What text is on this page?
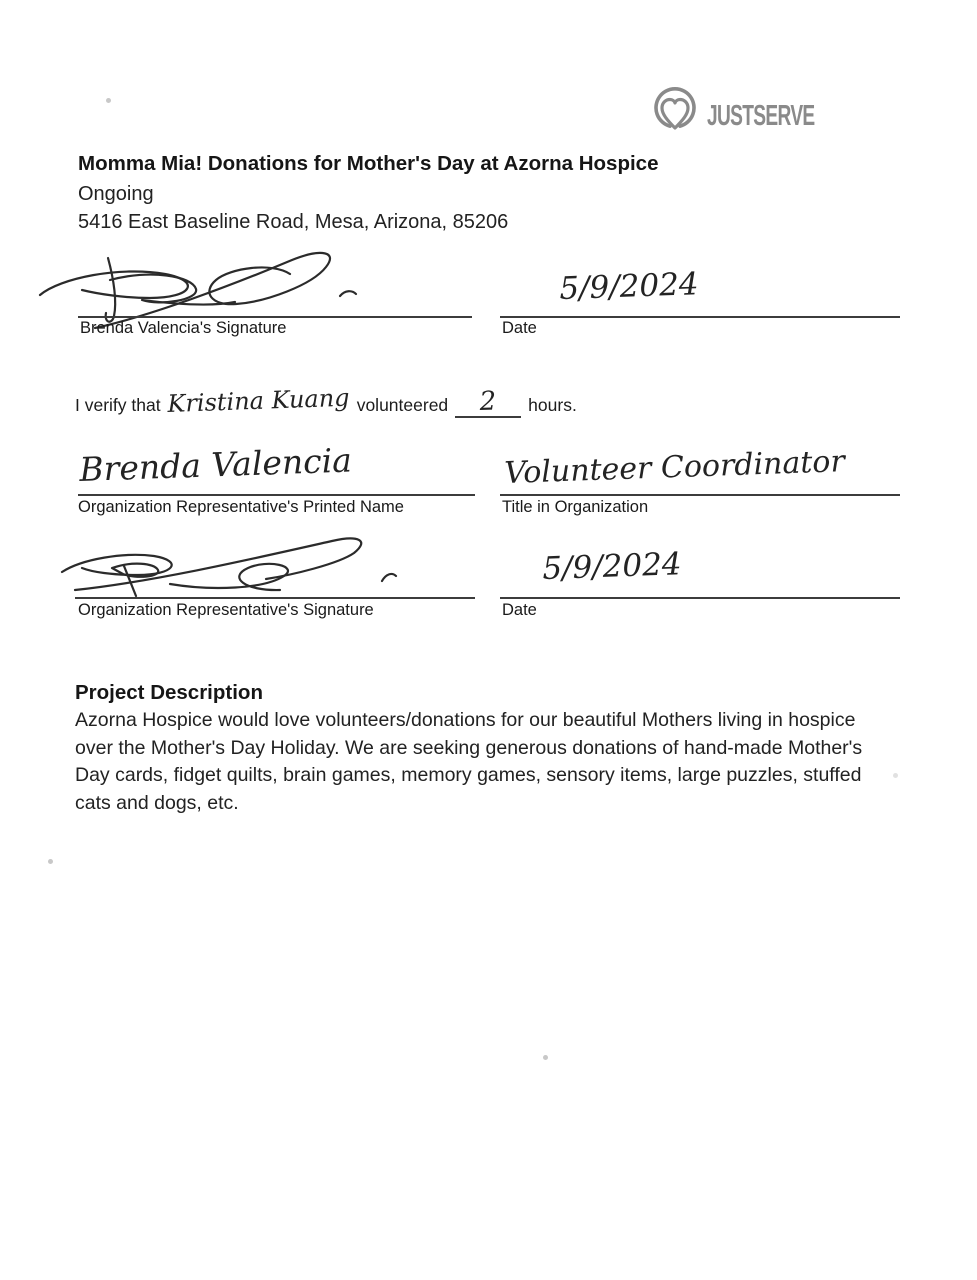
justserve
Momma Mia! Donations for Mother's Day at Azorna Hospice
Ongoing
5416 East Baseline Road, Mesa, Arizona, 85206
Brenda Valencia's Signature
5/9/2024
Date
I verify that Kristina Kuang volunteered	2	hours.
Brenda Valencia
Organization Representative's Printed Name
Volunteer Coordinator
Title in Organization
Organization Representative's Signature
5/9/2024
Date
Project Description
Azorna Hospice would love volunteers/donations for our beautiful Mothers living in hospice over the Mother's Day Holiday. We are seeking generous donations of hand-made Mother's Day cards, fidget quilts, brain games, memory games, sensory items, large puzzles, stuffed cats and dogs, etc.
